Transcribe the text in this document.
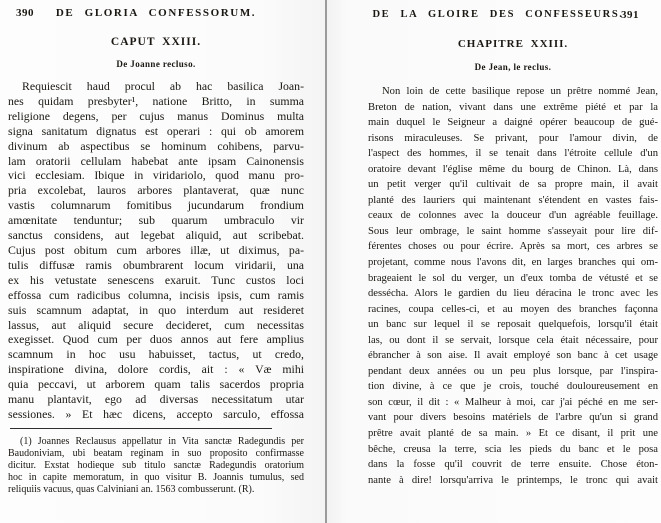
390	DE GLORIA CONFESSORUM.
CAPUT XXIII.
De Joanne recluso.
Requiescit haud procul ab hac basilica Joan-
nes quidam presbyter¹, natione Britto, in summa
religione degens, per cujus manus Dominus multa
signa sanitatum dignatus est operari : qui ob amorem
divinum ab aspectibus se hominum cohibens, parvu-
lam oratorii cellulam habebat ante ipsam Cainonensis
vici ecclesiam. Ibique in viridariolo, quod manu pro-
pria excolebat, lauros arbores plantaverat, quæ nunc
vastis columnarum fomitibus jucundarum frondium
amœnitate tenduntur; sub quarum umbraculo vir
sanctus considens, aut legebat aliquid, aut scribebat.
Cujus post obitum cum arbores illæ, ut diximus, pa-
tulis diffusæ ramis obumbrarent locum viridarii, una
ex his vetustate senescens exaruit. Tunc custos loci
effossa cum radicibus columna, incisis ipsis, cum ramis
suis scamnum adaptat, in quo interdum aut resideret
lassus, aut aliquid secure decideret, cum necessitas
exegisset. Quod cum per duos annos aut fere amplius
scamnum in hoc usu habuisset, tactus, ut credo,
inspiratione divina, dolore cordis, ait : « Væ mihi
quia peccavi, ut arborem quam talis sacerdos propria
manu plantavit, ego ad diversas necessitatum utar
sessiones. » Et hæc dicens, accepto sarculo, effossa
(1) Joannes Reclausus appellatur in Vita sanctæ Radegundis per
Baudoniviam, ubi beatam reginam in suo proposito confirmasse
dicitur. Exstat hodieque sub titulo sanctæ Radegundis oratorium
hoc in capite memoratum, in quo visitur B. Joannis tumulus, sed
reliquiis vacuus, quas Calviniani an. 1563 combusserunt. (R).
DE LA GLOIRE DES CONFESSEURS.
391
CHAPITRE XXIII.
De Jean, le reclus.
Non loin de cette basilique repose un prêtre nommé Jean,
Breton de nation, vivant dans une extrême piété et par la
main duquel le Seigneur a daigné opérer beaucoup de gué-
risons miraculeuses. Se privant, pour l'amour divin, de
l'aspect des hommes, il se tenait dans l'étroite cellule d'un
oratoire devant l'église même du bourg de Chinon. Là, dans
un petit verger qu'il cultivait de sa propre main, il avait
planté des lauriers qui maintenant s'étendent en vastes fais-
ceaux de colonnes avec la douceur d'un agréable feuillage.
Sous leur ombrage, le saint homme s'asseyait pour lire dif-
férentes choses ou pour écrire. Après sa mort, ces arbres se
projetant, comme nous l'avons dit, en larges branches qui om-
brageaient le sol du verger, un d'eux tomba de vétusté et se
dessécha. Alors le gardien du lieu déracina le tronc avec les
racines, coupa celles-ci, et au moyen des branches façonna
un banc sur lequel il se reposait quelquefois, lorsqu'il était
las, ou dont il se servait, lorsque cela était nécessaire, pour
ébrancher à son aise. Il avait employé son banc à cet usage
pendant deux années ou un peu plus lorsque, par l'inspira-
tion divine, à ce que je crois, touché douloureusement en
son cœur, il dit : « Malheur à moi, car j'ai péché en me ser-
vant pour divers besoins matériels de l'arbre qu'un si grand
prêtre avait planté de sa main. » Et ce disant, il prit une
bêche, creusa la terre, scia les pieds du banc et le posa
dans la fosse qu'il couvrit de terre ensuite. Chose éton-
nante à dire! lorsqu'arriva le printemps, le tronc qui avait
